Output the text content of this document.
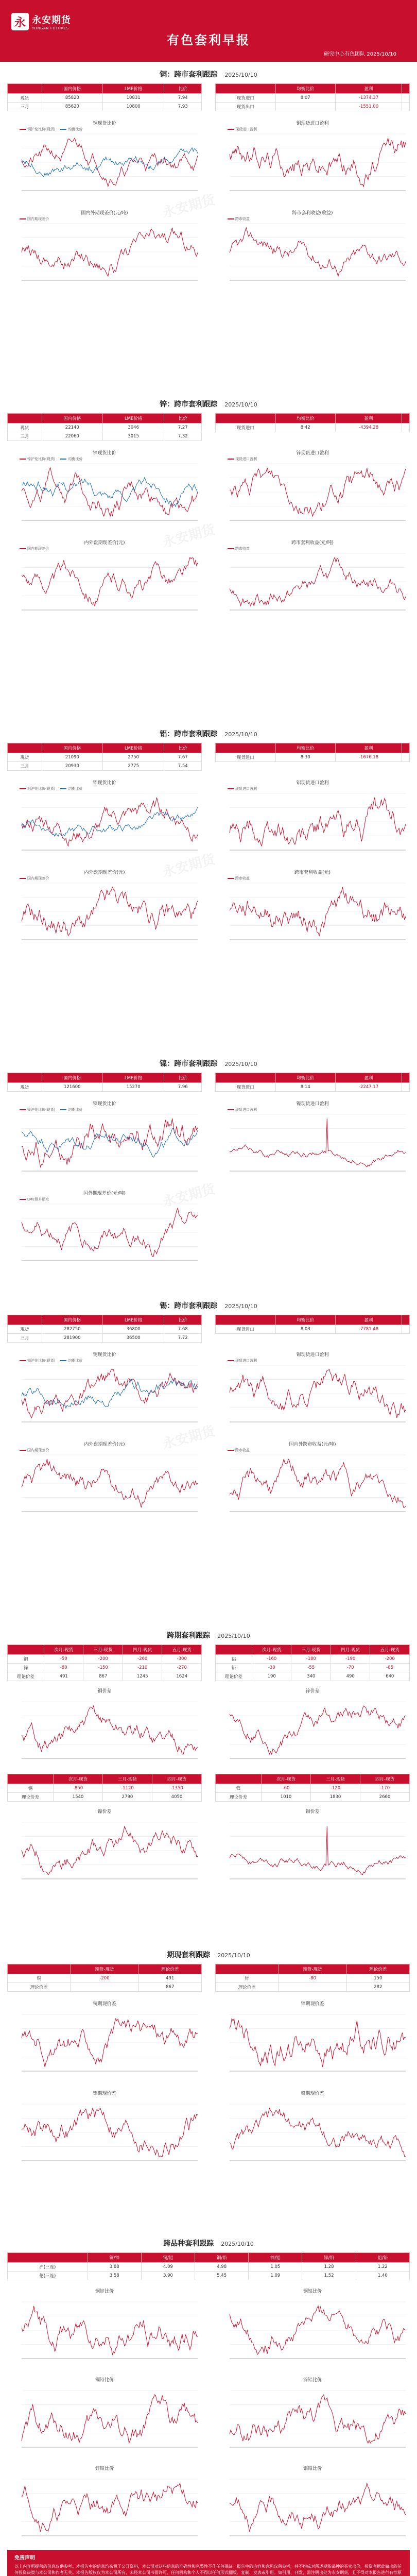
永 永安期货
YONGAN FUTURES
有色套利早报
研究中心有色团队 2025/10/10
铜：跨市套利跟踪 2025/10/10
	国内价格	LME价格	比价
现货	85820	10831	7.94
三月	85620	10800	7.93
	均衡比价	盈利	
现货进口	8.07	-1374.37	
现货出口		-1551.00	
铜现货比价
铜沪伦比价(现货)	均衡比价
铜现货进口盈利
现货进口盈利
国内外期现差价(元/吨)
国内期现差价
跨市套利收益(收益)
跨市收益
永安期货
锌：跨市套利跟踪 2025/10/10
	国内价格	LME价格	比价
现货	22140	3046	7.27
三月	22060	3015	7.32
	均衡比价	盈利	
现货进口	8.42	-4394.28	
锌现货比价
锌沪伦比价(现货)	均衡比价
锌现货进口盈利
现货进口盈利
内外盘期现差价(元)
国内期现差价
跨市套利收益(元/吨)
跨市收益
永安期货
铝：跨市套利跟踪 2025/10/10
	国内价格	LME价格	比价
现货	21090	2750	7.67
三月	20930	2775	7.54
	均衡比价	盈利	
现货进口	8.30	-1676.18	
铝现货比价
铝沪伦比价(现货)	均衡比价
铝现货进口盈利
现货进口盈利
内外盘期现差价(元)
国内期现差价
跨市套利收益(元)
跨市收益
永安期货
镍：跨市套利跟踪 2025/10/10
	国内价格	LME价格	比价
现货	121600	15270	7.96
	均衡比价	盈利	
现货进口	8.14	-2247.17	
镍现货比价
镍沪伦比价(现货)	均衡比价
镍现货进口盈利
现货进口盈利
国外期现差价(元/吨)
LME镍升贴水	永安期货
锡：跨市套利跟踪 2025/10/10
	国内价格	LME价格	比价
现货	282750	36800	7.68
三月	281900	36500	7.72
	均衡比价	盈利	
现货进口	8.03	-7781.48	
锡现货比价
锡沪伦比价(现货)	均衡比价
锡现货进口盈利
现货进口盈利
内外盘期现差价(元)
国内期现差价
国内外跨市收益(元/吨)
跨市收益
永安期货
跨期套利跟踪 2025/10/10
	次月-现货	三月-现货	四月-现货	五月-现货
铜	-50	-200	-260	-300
锌	-80	-150	-210	-270
理论价差	491	867	1245	1624
	次月-现货	三月-现货	四月-现货	五月-现货
铝	-160	-180	-190	-200
铅	-30	-55	-70	-85
理论价差	190	340	490	640
铜价差	锌价差
	次月-现货	三月-现货	四月-现货
锡	-850	-1120	-1350
理论价差	1540	2790	4050
	次月-现货	三月-现货	四月-现货
镍	-60	-120	-170
理论价差	1010	1830	2660
镍价差	锡价差
期现套利跟踪 2025/10/10
	期货-现货	理论价差
铜	-200	491
理论价差		867
	期货-现货	理论价差
锌	-80	150
理论价差		282
铜期现价差	锌期现价差
铝期现价差	铅期现价差
跨品种套利跟踪 2025/10/10
	铜/锌	铜/铝	铜/铅	锌/铝	锌/铅	铝/铅
沪(三连)	3.88	4.09	4.98	1.05	1.28	1.22
伦(三连)	3.58	3.90	5.45	1.09	1.52	1.40
铜锌比价	铜铝比价
铜铅比价	锌铝比价
锌铅比价	铝铅比价
免责声明
以上内容所提供的信息仅供参考。本报告中的信息均来源于公开资料，本公司对这些信息的准确性和完整性不作任何保证。报告中的内容和意见仅供参考，并不构成对所述期货品种的买卖出价，投资者据此做出的任何投资决策与本公司和作者无关。本报告版权仅为本公司所有，未经本公司书面许可，任何机构和个人不得以任何形式翻版、复制、发表或引用。如引用、刊发，需注明出处为永安期货，且不得对本报告进行有悖原
